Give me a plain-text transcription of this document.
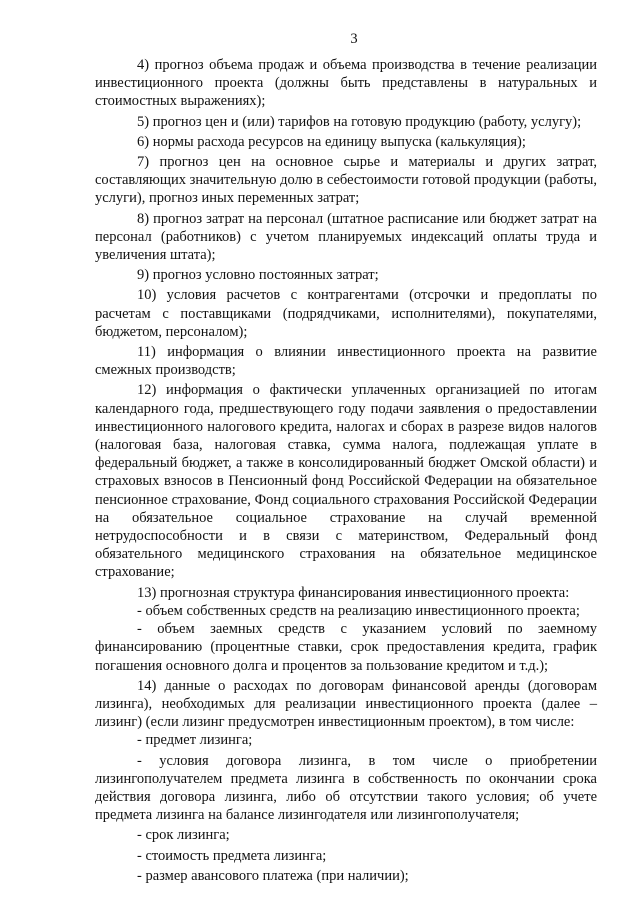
3

4) прогноз объема продаж и объема производства в течение реализации инвестиционного проекта (должны быть представлены в натуральных и стоимостных выражениях);

5) прогноз цен и (или) тарифов на готовую продукцию (работу, услугу);

6) нормы расхода ресурсов на единицу выпуска (калькуляция);

7) прогноз цен на основное сырье и материалы и других затрат, составляющих значительную долю в себестоимости готовой продукции (работы, услуги), прогноз иных переменных затрат;

8) прогноз затрат на персонал (штатное расписание или бюджет затрат на персонал (работников) с учетом планируемых индексаций оплаты труда и увеличения штата);

9) прогноз условно постоянных затрат;

10) условия расчетов с контрагентами (отсрочки и предоплаты по расчетам с поставщиками (подрядчиками, исполнителями), покупателями, бюджетом, персоналом);

11) информация о влиянии инвестиционного проекта на развитие смежных производств;

12) информация о фактически уплаченных организацией по итогам календарного года, предшествующего году подачи заявления о предоставлении инвестиционного налогового кредита, налогах и сборах в разрезе видов налогов (налоговая база, налоговая ставка, сумма налога, подлежащая уплате в федеральный бюджет, а также в консолидированный бюджет Омской области) и страховых взносов в Пенсионный фонд Российской Федерации на обязательное пенсионное страхование, Фонд социального страхования Российской Федерации на обязательное социальное страхование на случай временной нетрудоспособности и в связи с материнством, Федеральный фонд обязательного медицинского страхования на обязательное медицинское страхование;

13) прогнозная структура финансирования инвестиционного проекта:

- объем собственных средств на реализацию инвестиционного проекта;

- объем заемных средств с указанием условий по заемному финансированию (процентные ставки, срок предоставления кредита, график погашения основного долга и процентов за пользование кредитом и т.д.);

14) данные о расходах по договорам финансовой аренды (договорам лизинга), необходимых для реализации инвестиционного проекта (далее – лизинг) (если лизинг предусмотрен инвестиционным проектом), в том числе:

- предмет лизинга;

- условия договора лизинга, в том числе о приобретении лизингополучателем предмета лизинга в собственность по окончании срока действия договора лизинга, либо об отсутствии такого условия; об учете предмета лизинга на балансе лизингодателя или лизингополучателя;

- срок лизинга;

- стоимость предмета лизинга;

- размер авансового платежа (при наличии);
